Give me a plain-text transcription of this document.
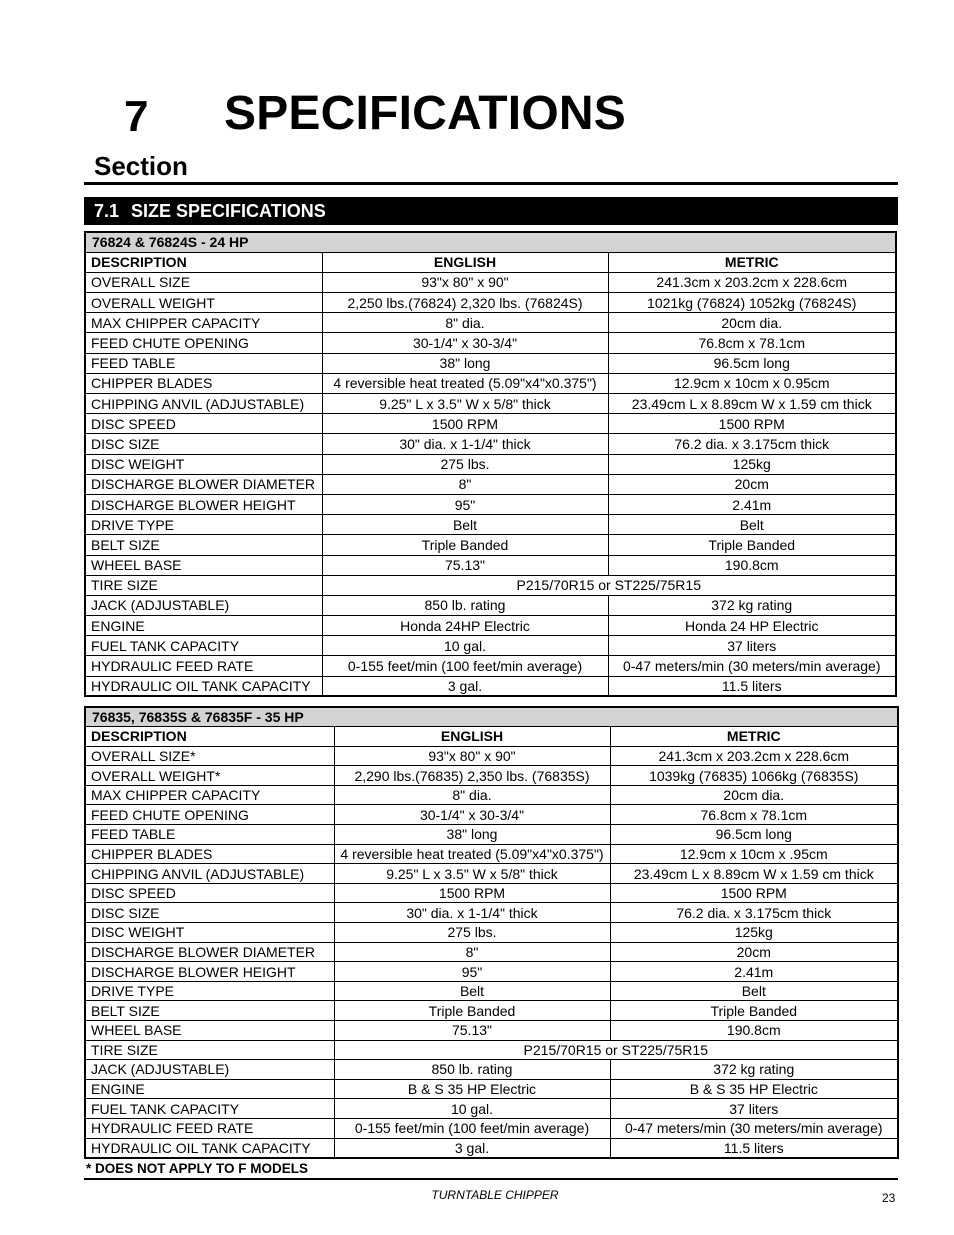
7 SPECIFICATIONS
Section
7.1 SIZE SPECIFICATIONS
76824 & 76824S - 24 HP		
DESCRIPTION	ENGLISH	METRIC
OVERALL SIZE	93"x 80" x 90"	241.3cm x 203.2cm x 228.6cm
OVERALL WEIGHT	2,250 lbs.(76824) 2,320 lbs. (76824S)	1021kg (76824) 1052kg (76824S)
MAX CHIPPER CAPACITY	8" dia.	20cm dia.
FEED CHUTE OPENING	30-1/4" x 30-3/4"	76.8cm x 78.1cm
FEED TABLE	38" long	96.5cm long
CHIPPER BLADES	4 reversible heat treated (5.09"x4"x0.375")	12.9cm x 10cm x 0.95cm
CHIPPING ANVIL (ADJUSTABLE)	9.25" L x 3.5" W x 5/8" thick	23.49cm L x 8.89cm W x 1.59 cm thick
DISC SPEED	1500 RPM	1500 RPM
DISC SIZE	30" dia. x 1-1/4" thick	76.2 dia. x 3.175cm thick
DISC WEIGHT	275 lbs.	125kg
DISCHARGE BLOWER DIAMETER	8"	20cm
DISCHARGE BLOWER HEIGHT	95"	2.41m
DRIVE TYPE	Belt	Belt
BELT SIZE	Triple Banded	Triple Banded
WHEEL BASE	75.13"	190.8cm
TIRE SIZE	P215/70R15 or ST225/75R15	
JACK (ADJUSTABLE)	850 lb. rating	372 kg rating
ENGINE	Honda 24HP Electric	Honda 24 HP Electric
FUEL TANK CAPACITY	10 gal.	37 liters
HYDRAULIC FEED RATE	0-155 feet/min (100 feet/min average)	0-47 meters/min (30 meters/min average)
HYDRAULIC OIL TANK CAPACITY	3 gal.	11.5 liters
76835, 76835S & 76835F - 35 HP		
DESCRIPTION	ENGLISH	METRIC
OVERALL SIZE*	93"x 80" x 90"	241.3cm x 203.2cm x 228.6cm
OVERALL WEIGHT*	2,290 lbs.(76835) 2,350 lbs. (76835S)	1039kg (76835) 1066kg (76835S)
MAX CHIPPER CAPACITY	8" dia.	20cm dia.
FEED CHUTE OPENING	30-1/4" x 30-3/4"	76.8cm x 78.1cm
FEED TABLE	38" long	96.5cm long
CHIPPER BLADES	4 reversible heat treated (5.09"x4"x0.375")	12.9cm x 10cm x .95cm
CHIPPING ANVIL (ADJUSTABLE)	9.25" L x 3.5" W x 5/8" thick	23.49cm L x 8.89cm W x 1.59 cm thick
DISC SPEED	1500 RPM	1500 RPM
DISC SIZE	30" dia. x 1-1/4" thick	76.2 dia. x 3.175cm thick
DISC WEIGHT	275 lbs.	125kg
DISCHARGE BLOWER DIAMETER	8"	20cm
DISCHARGE BLOWER HEIGHT	95"	2.41m
DRIVE TYPE	Belt	Belt
BELT SIZE	Triple Banded	Triple Banded
WHEEL BASE	75.13"	190.8cm
TIRE SIZE	P215/70R15 or ST225/75R15	
JACK (ADJUSTABLE)	850 lb. rating	372 kg rating
ENGINE	B & S 35 HP Electric	B & S 35 HP Electric
FUEL TANK CAPACITY	10 gal.	37 liters
HYDRAULIC FEED RATE	0-155 feet/min (100 feet/min average)	0-47 meters/min (30 meters/min average)
HYDRAULIC OIL TANK CAPACITY	3 gal.	11.5 liters
* DOES NOT APPLY TO F MODELS
TURNTABLE CHIPPER	23
